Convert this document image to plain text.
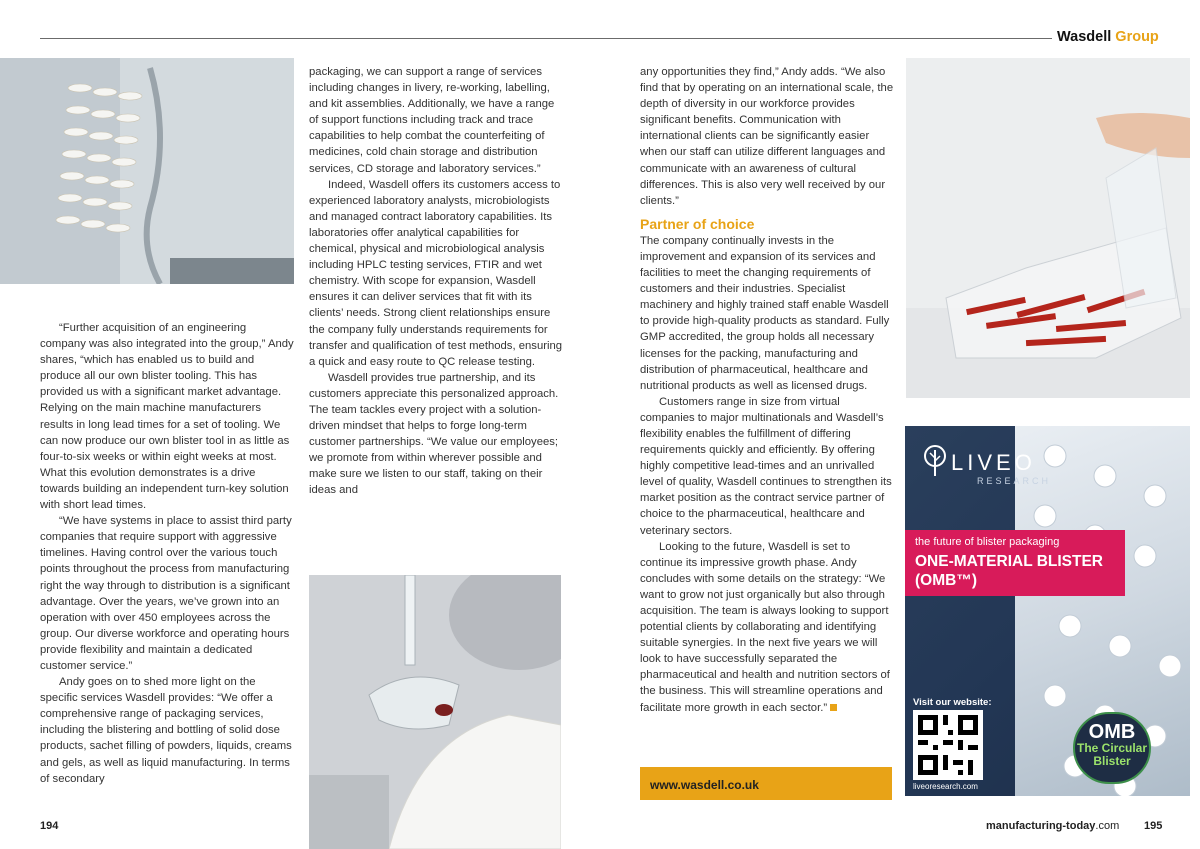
Wasdell Group

“Further acquisition of an engineering company was also integrated into the group,” Andy shares, “which has enabled us to build and produce all our own blister tooling. This has provided us with a significant market advantage. Relying on the main machine manufacturers results in long lead times for a set of tooling. We can now produce our own blister tool in as little as four-to-six weeks or within eight weeks at most. What this evolution demonstrates is a drive towards building an independent turn-key solution with short lead times.

“We have systems in place to assist third party companies that require support with aggressive timelines. Having control over the various touch points throughout the process from manufacturing right the way through to distribution is a significant advantage. Over the years, we’ve grown into an operation with over 450 employees across the group. Our diverse workforce and operating hours provide flexibility and maintain a dedicated customer service.”

Andy goes on to shed more light on the specific services Wasdell provides: “We offer a comprehensive range of packaging services, including the blistering and bottling of solid dose products, sachet filling of powders, liquids, creams and gels, as well as liquid manufacturing. In terms of secondary

packaging, we can support a range of services including changes in livery, re-working, labelling, and kit assemblies. Additionally, we have a range of support functions including track and trace capabilities to help combat the counterfeiting of medicines, cold chain storage and distribution services, CD storage and laboratory services.”

Indeed, Wasdell offers its customers access to experienced laboratory analysts, microbiologists and managed contract laboratory capabilities. Its laboratories offer analytical capabilities for chemical, physical and microbiological analysis including HPLC testing services, FTIR and wet chemistry. With scope for expansion, Wasdell ensures it can deliver services that fit with its clients’ needs. Strong client relationships ensure the company fully understands requirements for transfer and qualification of test methods, ensuring a quick and easy route to QC release testing.

Wasdell provides true partnership, and its customers appreciate this personalized approach. The team tackles every project with a solution-driven mindset that helps to forge long-term customer partnerships. “We value our employees; we promote from within wherever possible and make sure we listen to our staff, taking on their ideas and

any opportunities they find,” Andy adds. “We also find that by operating on an international scale, the depth of diversity in our workforce provides significant benefits. Communication with international clients can be significantly easier when our staff can utilize different languages and communicate with an awareness of cultural differences. This is also very well received by our clients.”

Partner of choice

The company continually invests in the improvement and expansion of its services and facilities to meet the changing requirements of customers and their industries. Specialist machinery and highly trained staff enable Wasdell to provide high-quality products as standard. Fully GMP accredited, the group holds all necessary licenses for the packing, manufacturing and distribution of pharmaceutical, healthcare and nutritional products as well as licensed drugs.

Customers range in size from virtual companies to major multinationals and Wasdell’s flexibility enables the fulfillment of differing requirements quickly and efficiently. By offering highly competitive lead-times and an unrivalled level of quality, Wasdell continues to strengthen its market position as the contract service partner of choice to the pharmaceutical, healthcare and veterinary sectors.

Looking to the future, Wasdell is set to continue its impressive growth phase. Andy concludes with some details on the strategy: “We want to grow not just organically but also through acquisition. The team is always looking to support potential clients by collaborating and identifying suitable synergies. In the next five years we will look to have successfully separated the pharmaceutical and health and nutrition sectors of the business. This will streamline operations and facilitate more growth in each sector.”

www.wasdell.co.uk
LIVEO
RESEARCH
the future of blister packaging
ONE-MATERIAL BLISTER (OMB™)
Visit our website:
liveoresearch.com
OMB
The Circular Blister
194	manufacturing-today.com 195
